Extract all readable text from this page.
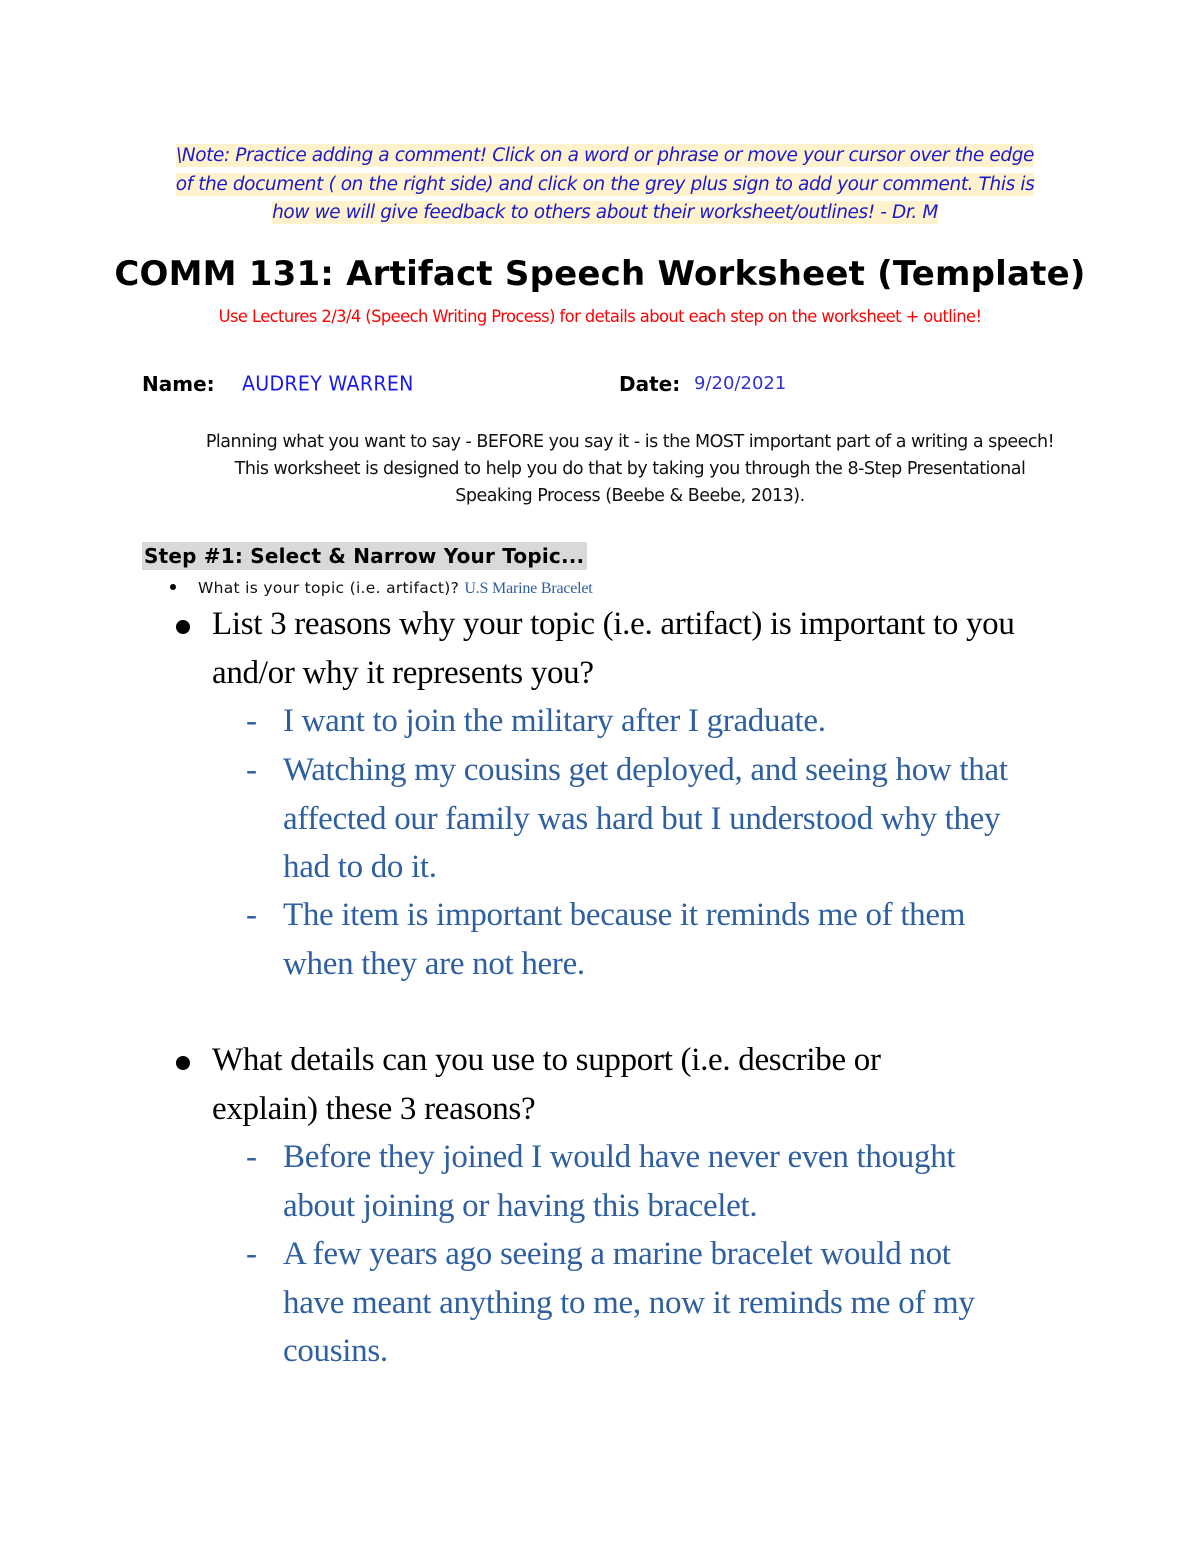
\Note: Practice adding a comment! Click on a word or phrase or move your cursor over the edge
of the document ( on the right side) and click on the grey plus sign to add your comment. This is
how we will give feedback to others about their worksheet/outlines! - Dr. M
COMM 131: Artifact Speech Worksheet (Template)
Use Lectures 2/3/4 (Speech Writing Process) for details about each step on the worksheet + outline!
Name: AUDREY WARREN	Date: 9/20/2021
Planning what you want to say - BEFORE you say it - is the MOST important part of a writing a speech!
This worksheet is designed to help you do that by taking you through the 8-Step Presentational
Speaking Process (Beebe & Beebe, 2013).
Step #1: Select & Narrow Your Topic...
What is your topic (i.e. artifact)? U.S Marine Bracelet
List 3 reasons why your topic (i.e. artifact) is important to you
and/or why it represents you?
- I want to join the military after I graduate.
- Watching my cousins get deployed, and seeing how that
affected our family was hard but I understood why they
had to do it.
- The item is important because it reminds me of them
when they are not here.
What details can you use to support (i.e. describe or
explain) these 3 reasons?
- Before they joined I would have never even thought
about joining or having this bracelet.
- A few years ago seeing a marine bracelet would not
have meant anything to me, now it reminds me of my
cousins.
